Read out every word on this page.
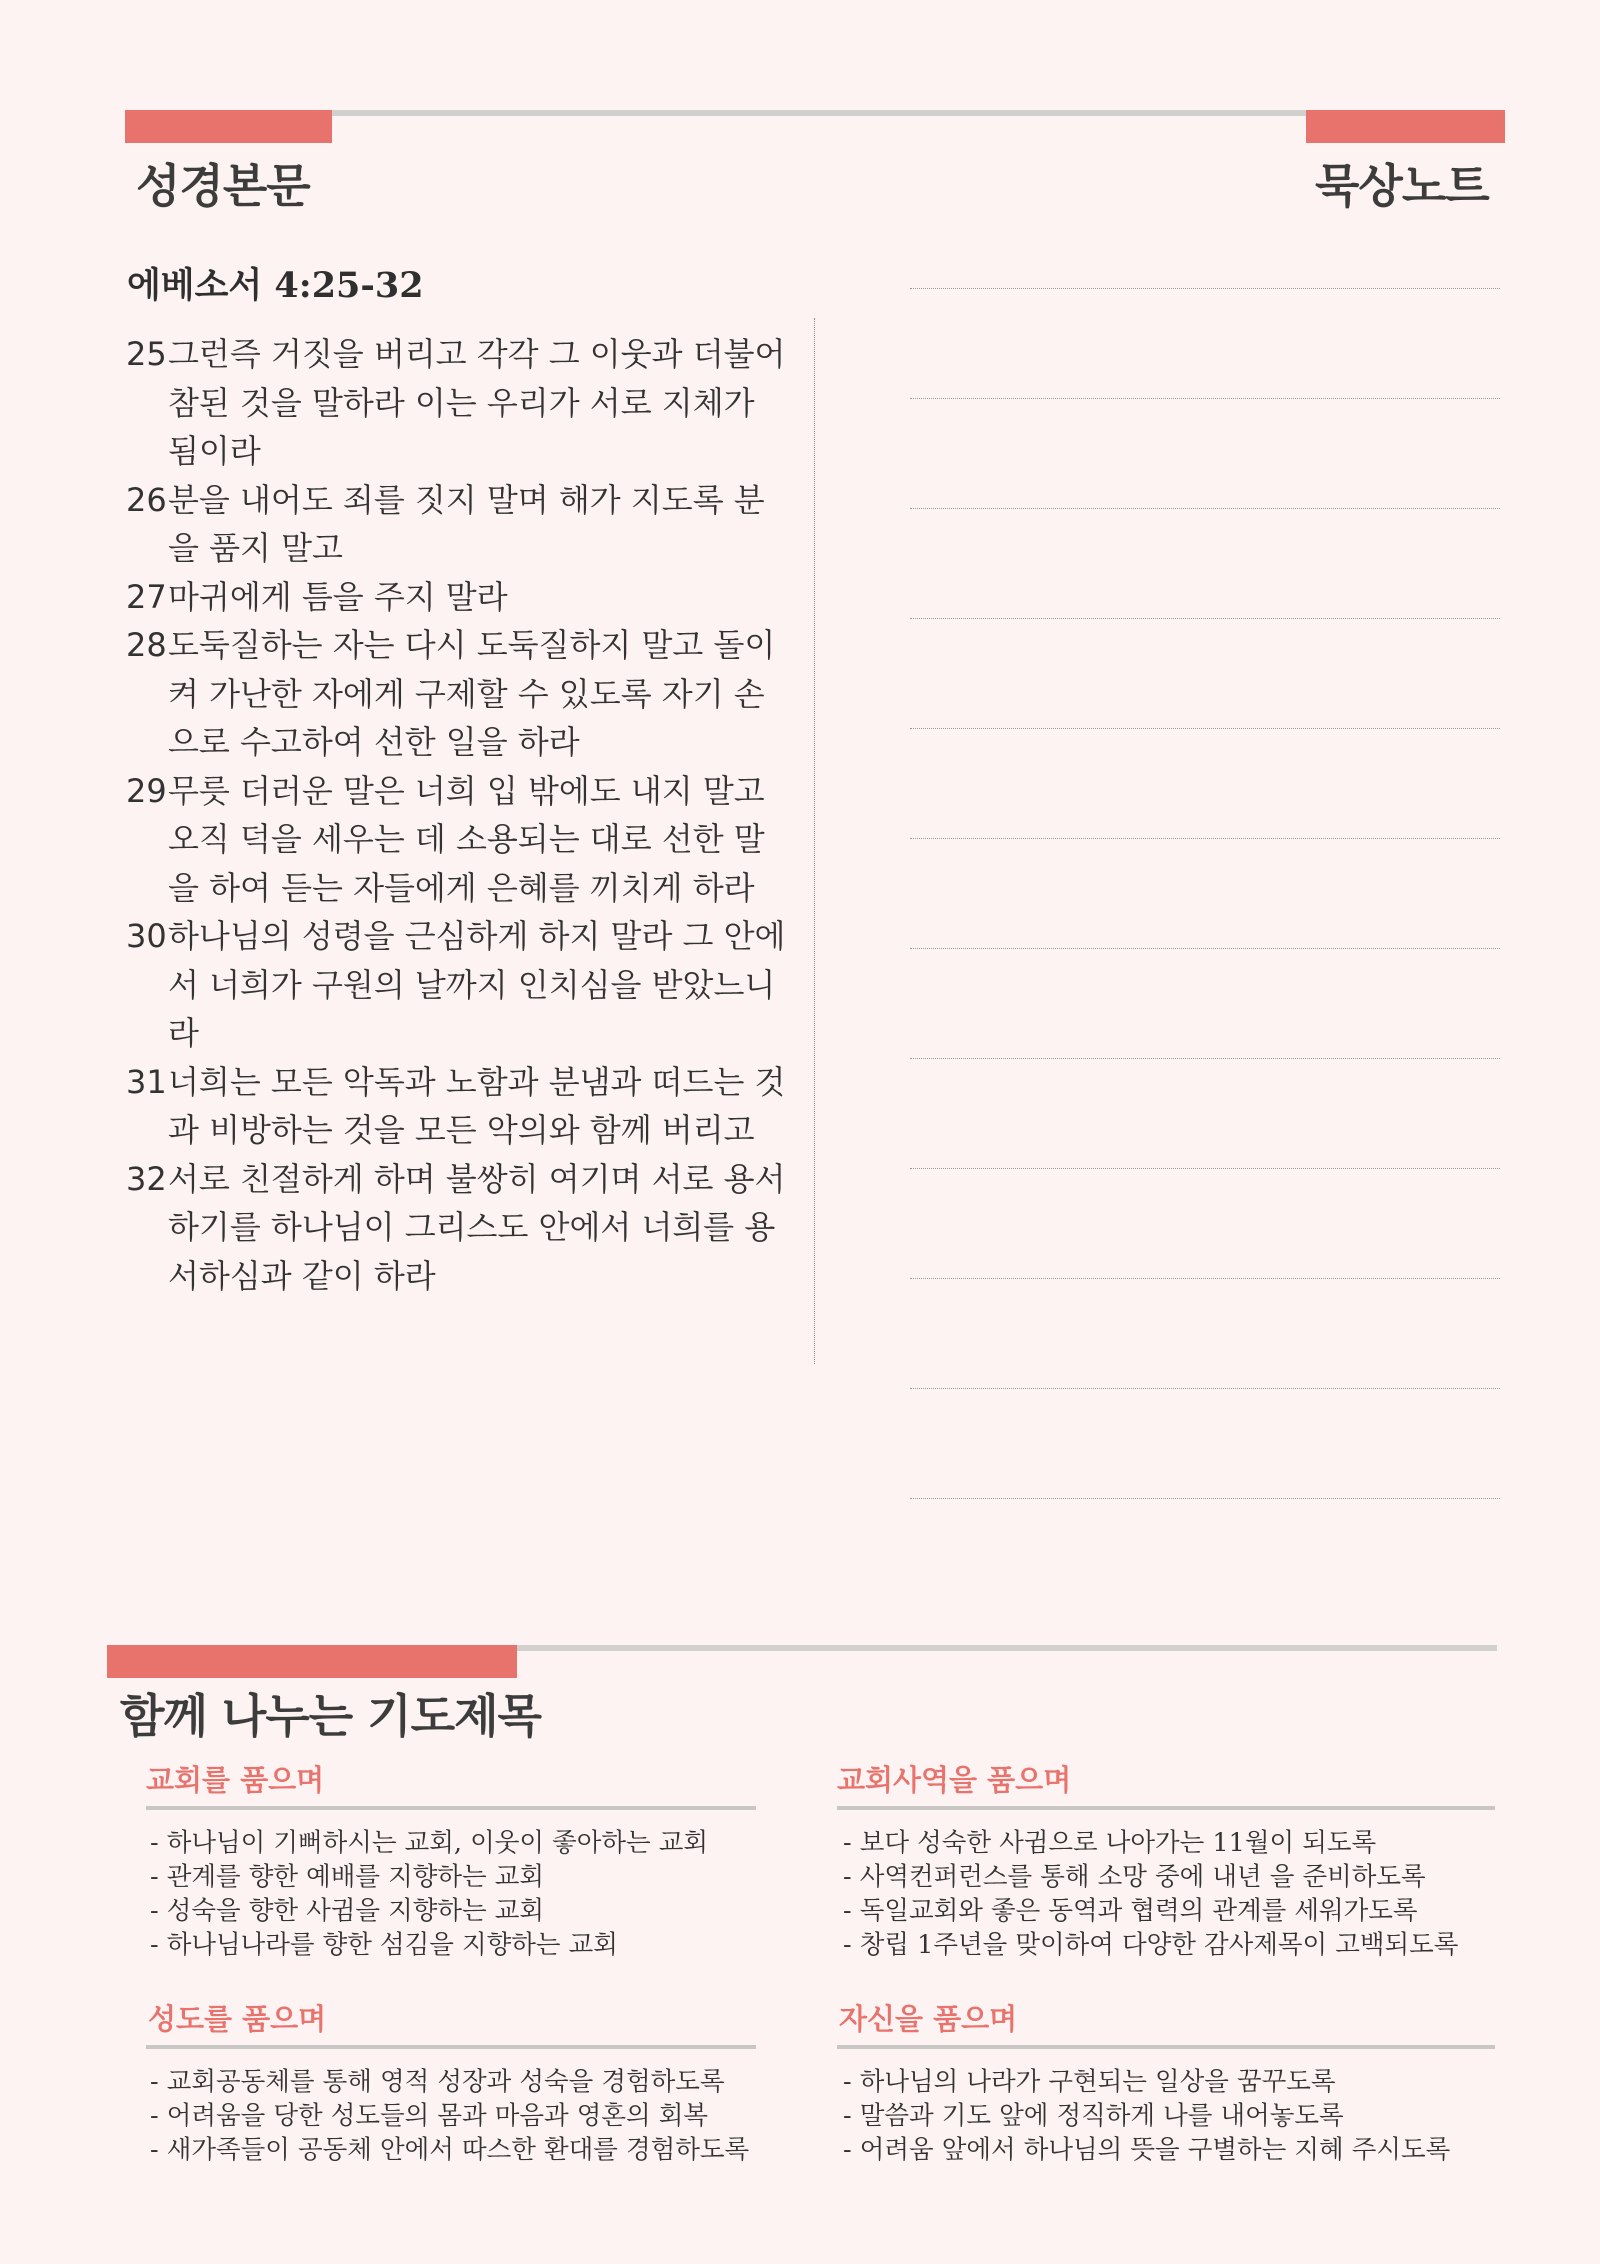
성경본문	묵상노트
에베소서 4:25-32
25그런즉 거짓을 버리고 각각 그 이웃과 더불어 참된 것을 말하라 이는 우리가 서로 지체가 됨이라
26분을 내어도 죄를 짓지 말며 해가 지도록 분을 품지 말고
27마귀에게 틈을 주지 말라
28도둑질하는 자는 다시 도둑질하지 말고 돌이켜 가난한 자에게 구제할 수 있도록 자기 손으로 수고하여 선한 일을 하라
29무릇 더러운 말은 너희 입 밖에도 내지 말고 오직 덕을 세우는 데 소용되는 대로 선한 말을 하여 듣는 자들에게 은혜를 끼치게 하라
30하나님의 성령을 근심하게 하지 말라 그 안에서 너희가 구원의 날까지 인치심을 받았느니라
31너희는 모든 악독과 노함과 분냄과 떠드는 것과 비방하는 것을 모든 악의와 함께 버리고
32서로 친절하게 하며 불쌍히 여기며 서로 용서하기를 하나님이 그리스도 안에서 너희를 용서하심과 같이 하라
함께 나누는 기도제목
교회를 품으며
- 하나님이 기뻐하시는 교회, 이웃이 좋아하는 교회
- 관계를 향한 예배를 지향하는 교회
- 성숙을 향한 사귐을 지향하는 교회
- 하나님나라를 향한 섬김을 지향하는 교회
교회사역을 품으며
- 보다 성숙한 사귐으로 나아가는 11월이 되도록
- 사역컨퍼런스를 통해 소망 중에 내년 을 준비하도록
- 독일교회와 좋은 동역과 협력의 관계를 세워가도록
- 창립 1주년을 맞이하여 다양한 감사제목이 고백되도록
성도를 품으며
- 교회공동체를 통해 영적 성장과 성숙을 경험하도록
- 어려움을 당한 성도들의 몸과 마음과 영혼의 회복
- 새가족들이 공동체 안에서 따스한 환대를 경험하도록
자신을 품으며
- 하나님의 나라가 구현되는 일상을 꿈꾸도록
- 말씀과 기도 앞에 정직하게 나를 내어놓도록
- 어려움 앞에서 하나님의 뜻을 구별하는 지혜 주시도록
